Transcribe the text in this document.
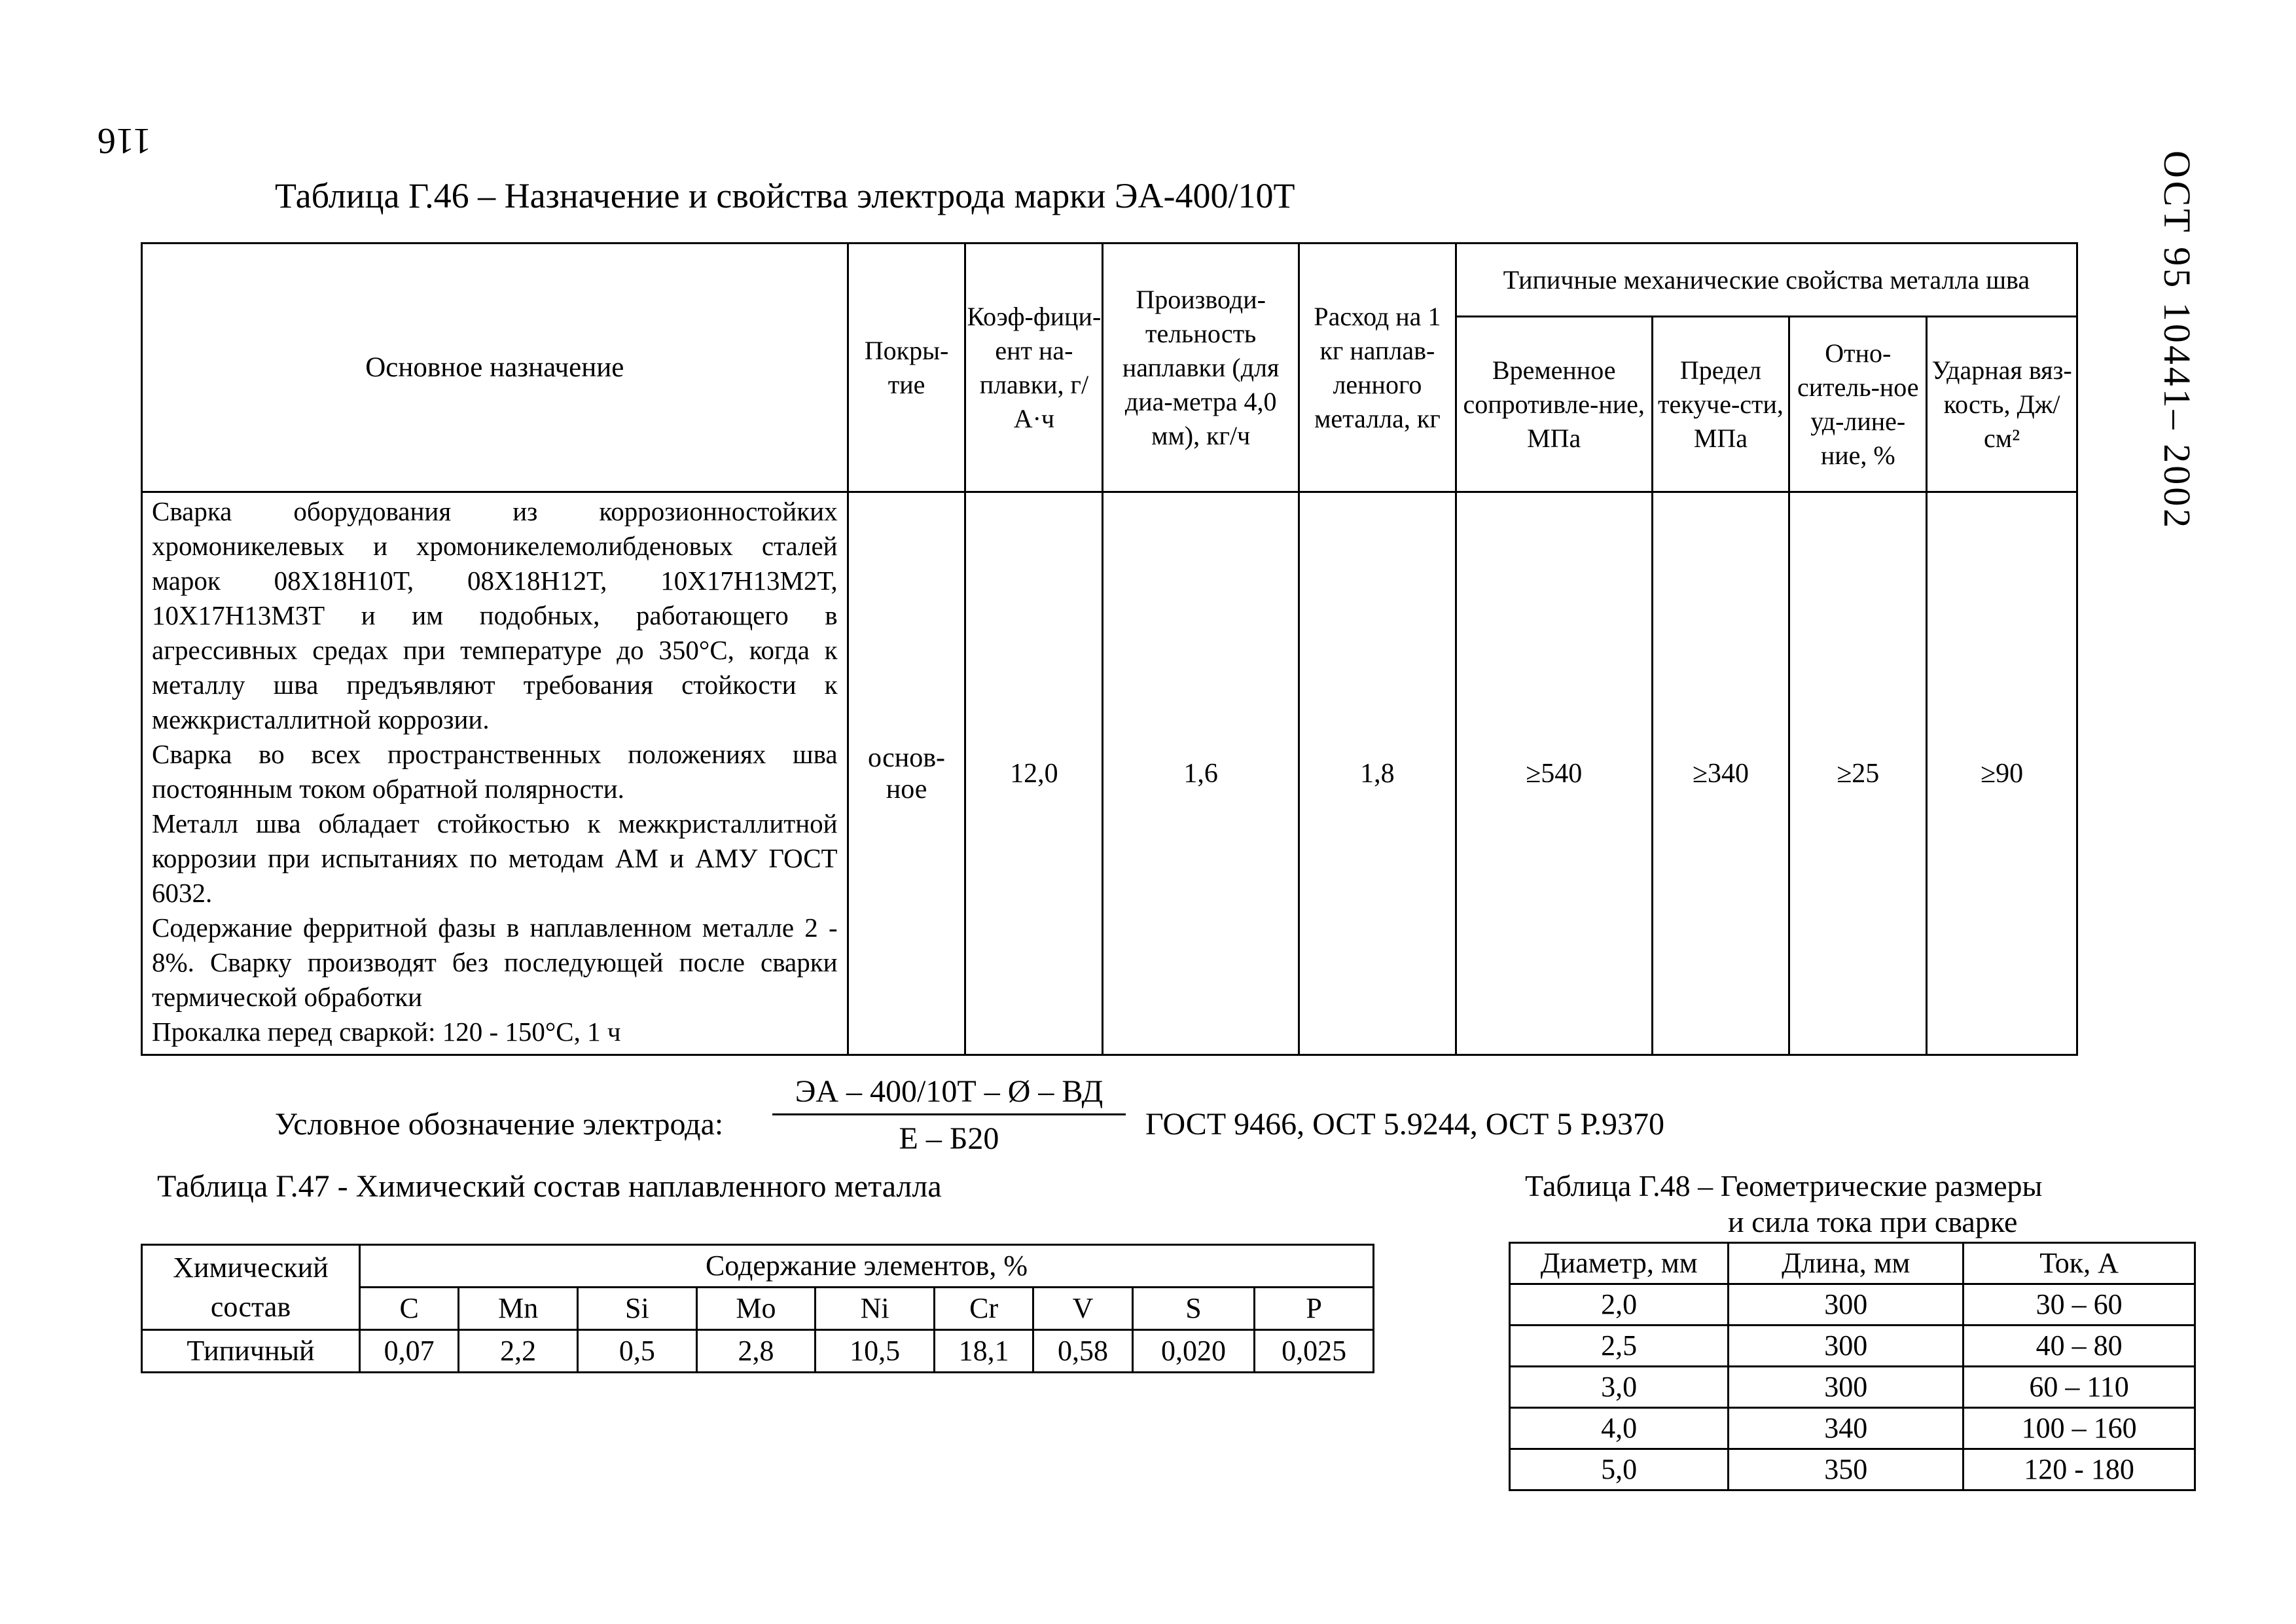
116
ОСТ 95 10441– 2002
Таблица Г.46 – Назначение и свойства электрода марки ЭА-400/10Т
Основное назначение	Покры-тие	Коэф-фици-ент на-плавки, г/А·ч	Производи-тельность наплавки (для диа-метра 4,0 мм), кг/ч	Расход на 1 кг наплав-ленного металла, кг	Типичные механические свойства металла шва			
					Временное сопротивле-ние, МПа	Предел текуче-сти, МПа	Отно-ситель-ное уд-лине-ние, %	Ударная вяз-кость, Дж/см²

Сварка оборудования из коррозионностойких хромоникелевых и хромоникелемолибденовых сталей марок 08Х18Н10Т, 08Х18Н12Т, 10Х17Н13М2Т, 10Х17Н13М3Т и им подобных, работающего в агрессивных средах при температуре до 350°С, когда к металлу шва предъявляют требования стойкости к межкристаллитной коррозии.

Сварка во всех пространственных положениях шва постоянным током обратной полярности.

Металл шва обладает стойкостью к межкристаллитной коррозии при испытаниях по методам АМ и АМУ ГОСТ 6032.

Содержание ферритной фазы в наплавленном металле 2 - 8%. Сварку производят без последующей после сварки термической обработки

Прокалка перед сваркой: 120 - 150°С, 1 ч	основ-ное	12,0	1,6	1,8	≥540	≥340	≥25	≥90
Условное обозначение электрода:
ЭА – 400/10Т – Ø – ВД
Е – Б20	ГОСТ 9466, ОСТ 5.9244, ОСТ 5 Р.9370
Таблица Г.47 - Химический состав наплавленного металла
Химический состав	Содержание элементов, %								
	C	Mn	Si	Mo	Ni	Cr	V	S	P
Типичный	0,07	2,2	0,5	2,8	10,5	18,1	0,58	0,020	0,025
Таблица Г.48 – Геометрические размеры
и сила тока при сварке
Диаметр, мм	Длина, мм	Ток, А
2,0	300	30 – 60
2,5	300	40 – 80
3,0	300	60 – 110
4,0	340	100 – 160
5,0	350	120 - 180
